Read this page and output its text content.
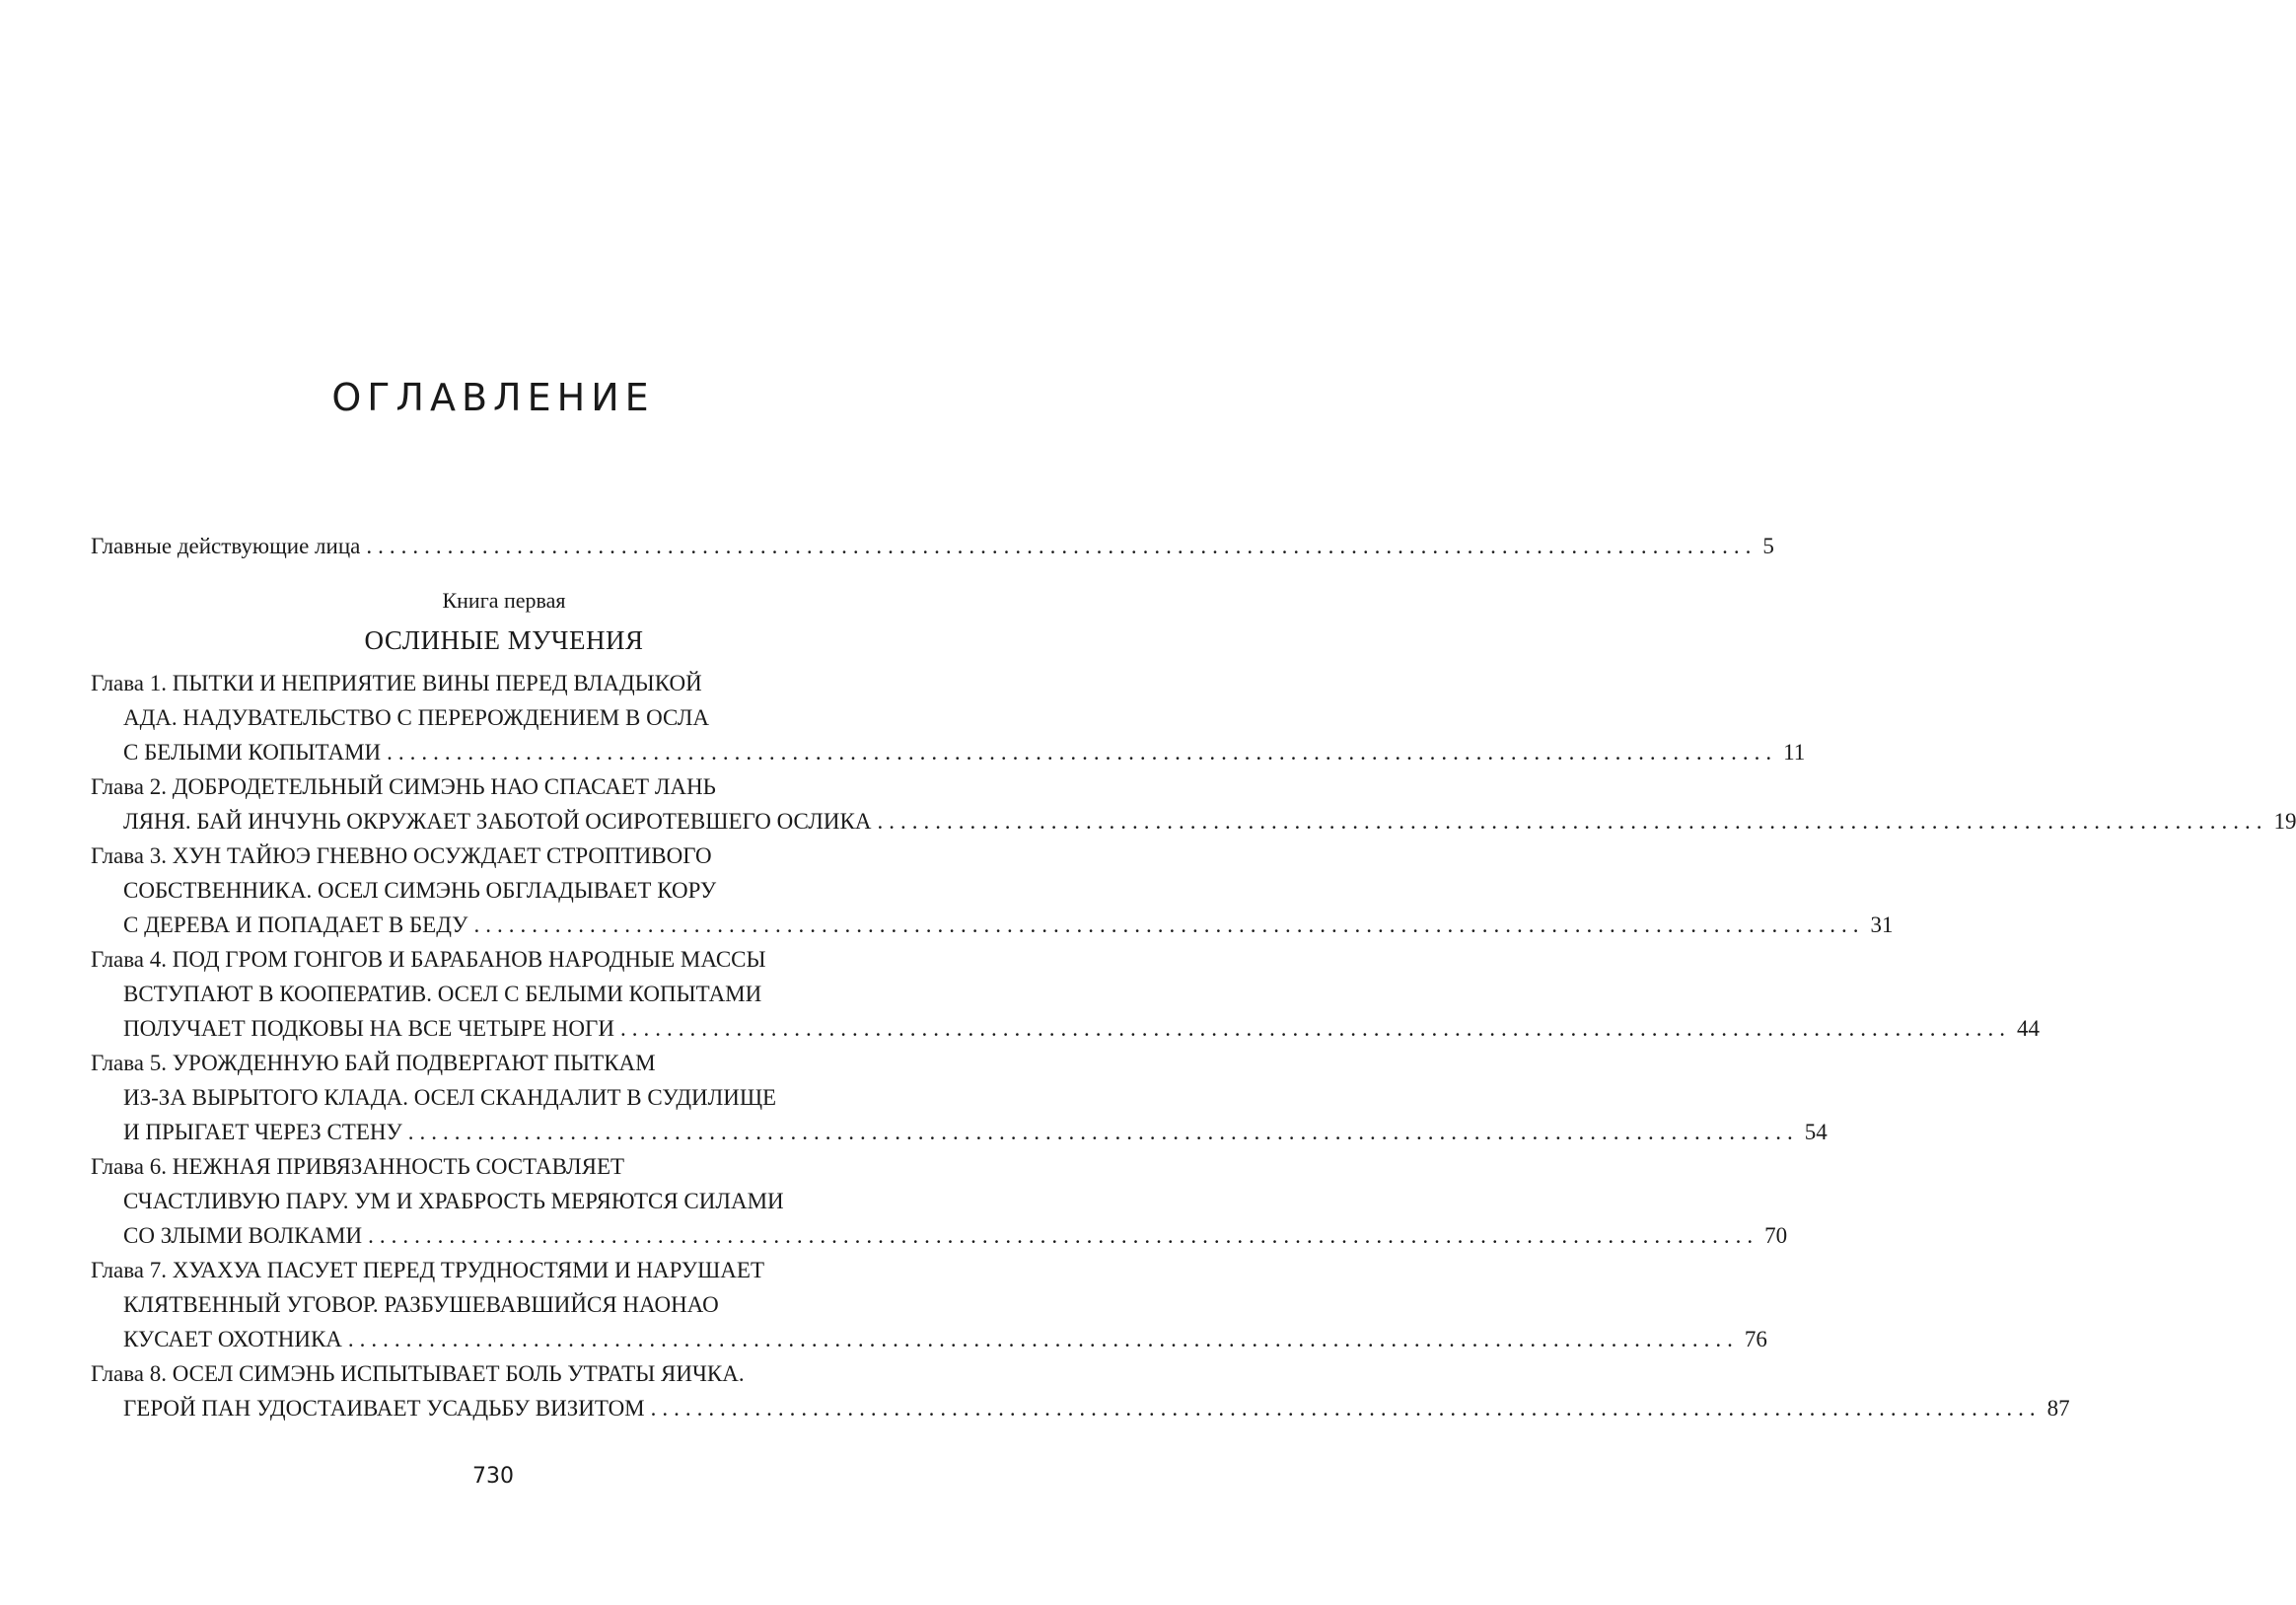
ОГЛАВЛЕНИЕ
Главные действующие лица ........................................................................................................................ 5
Книга первая
ОСЛИНЫЕ МУЧЕНИЯ
Глава 1. ПЫТКИ И НЕПРИЯТИЕ ВИНЫ ПЕРЕД ВЛАДЫКОЙ
АДА. НАДУВАТЕЛЬСТВО С ПЕРЕРОЖДЕНИЕМ В ОСЛА
С БЕЛЫМИ КОПЫТАМИ ........................................................................................................................ 11
Глава 2. ДОБРОДЕТЕЛЬНЫЙ СИМЭНЬ НАО СПАСАЕТ ЛАНЬ
ЛЯНЯ. БАЙ ИНЧУНЬ ОКРУЖАЕТ ЗАБОТОЙ ОСИРОТЕВШЕГО ОСЛИКА ........................................................................................................................ 19
Глава 3. ХУН ТАЙЮЭ ГНЕВНО ОСУЖДАЕТ СТРОПТИВОГО
СОБСТВЕННИКА. ОСЕЛ СИМЭНЬ ОБГЛАДЫВАЕТ КОРУ
С ДЕРЕВА И ПОПАДАЕТ В БЕДУ ........................................................................................................................ 31
Глава 4. ПОД ГРОМ ГОНГОВ И БАРАБАНОВ НАРОДНЫЕ МАССЫ
ВСТУПАЮТ В КООПЕРАТИВ. ОСЕЛ С БЕЛЫМИ КОПЫТАМИ
ПОЛУЧАЕТ ПОДКОВЫ НА ВСЕ ЧЕТЫРЕ НОГИ ........................................................................................................................ 44
Глава 5. УРОЖДЕННУЮ БАЙ ПОДВЕРГАЮТ ПЫТКАМ
ИЗ-ЗА ВЫРЫТОГО КЛАДА. ОСЕЛ СКАНДАЛИТ В СУДИЛИЩЕ
И ПРЫГАЕТ ЧЕРЕЗ СТЕНУ ........................................................................................................................ 54
Глава 6. НЕЖНАЯ ПРИВЯЗАННОСТЬ СОСТАВЛЯЕТ
СЧАСТЛИВУЮ ПАРУ. УМ И ХРАБРОСТЬ МЕРЯЮТСЯ СИЛАМИ
СО ЗЛЫМИ ВОЛКАМИ ........................................................................................................................ 70
Глава 7. ХУАХУА ПАСУЕТ ПЕРЕД ТРУДНОСТЯМИ И НАРУШАЕТ
КЛЯТВЕННЫЙ УГОВОР. РАЗБУШЕВАВШИЙСЯ НАОНАО
КУСАЕТ ОХОТНИКА ........................................................................................................................ 76
Глава 8. ОСЕЛ СИМЭНЬ ИСПЫТЫВАЕТ БОЛЬ УТРАТЫ ЯИЧКА.
ГЕРОЙ ПАН УДОСТАИВАЕТ УСАДЬБУ ВИЗИТОМ ........................................................................................................................ 87
730
